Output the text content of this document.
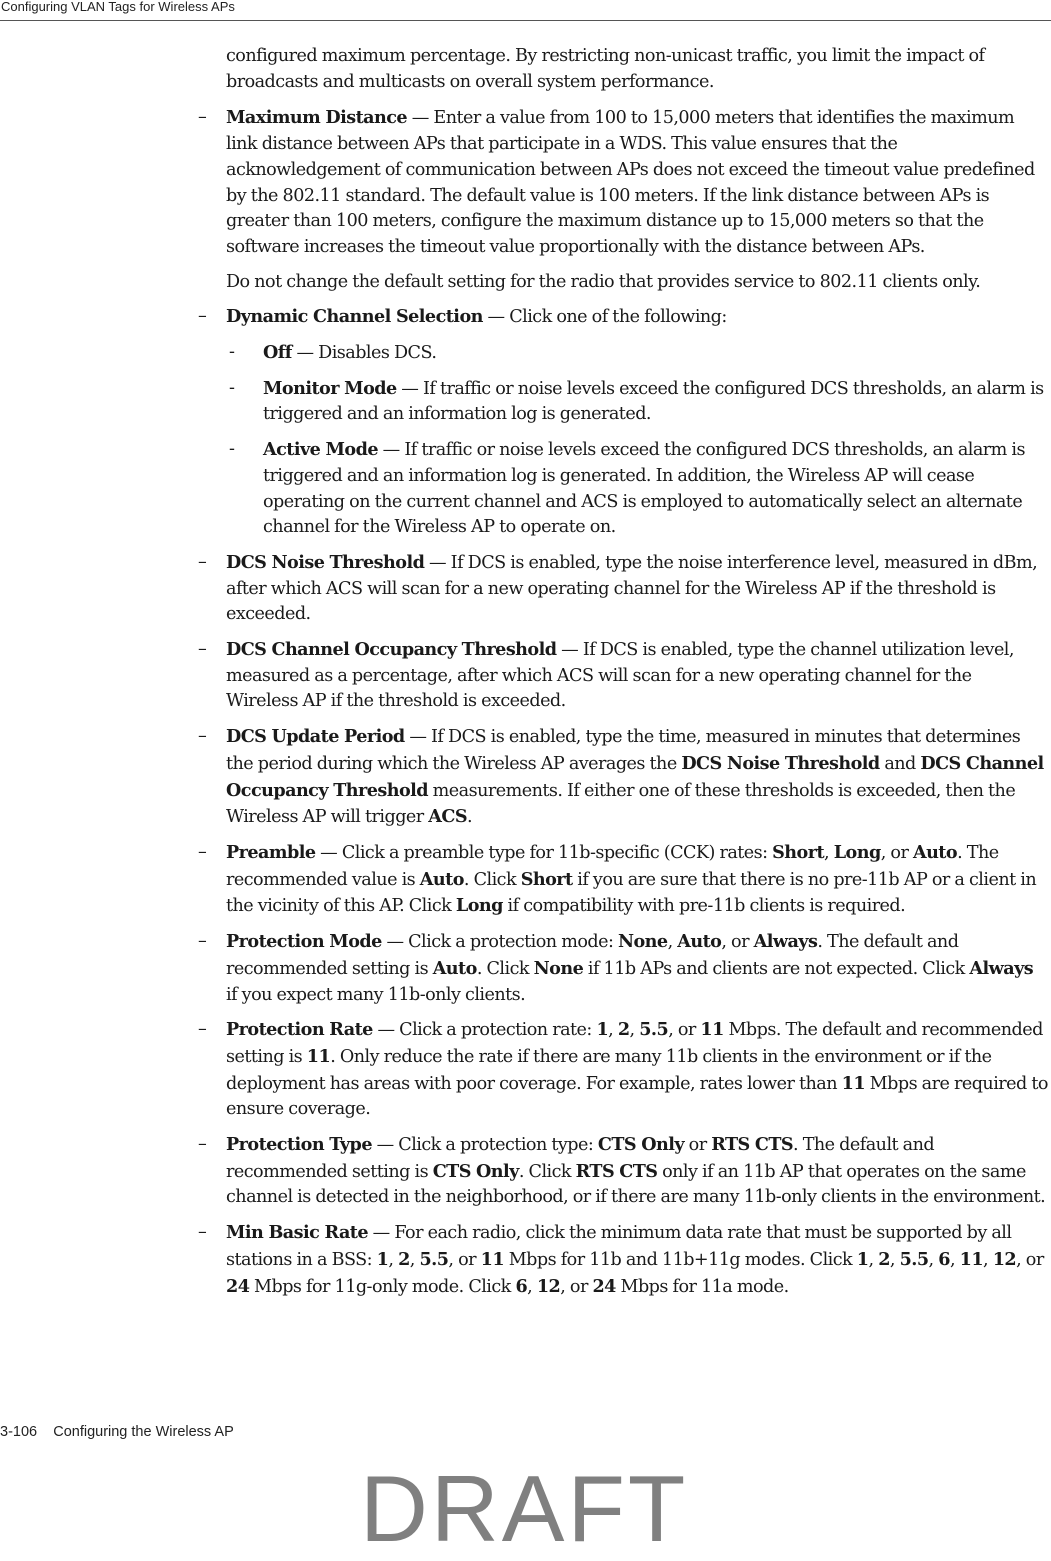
Configuring VLAN Tags for Wireless APs

configured maximum percentage. By restricting non-unicast traffic, you limit the impact of broadcasts and multicasts on overall system performance.

– Maximum Distance — Enter a value from 100 to 15,000 meters that identifies the maximum link distance between APs that participate in a WDS. This value ensures that the acknowledgement of communication between APs does not exceed the timeout value predefined by the 802.11 standard. The default value is 100 meters. If the link distance between APs is greater than 100 meters, configure the maximum distance up to 15,000 meters so that the software increases the timeout value proportionally with the distance between APs.

Do not change the default setting for the radio that provides service to 802.11 clients only.

– Dynamic Channel Selection — Click one of the following:

- Off — Disables DCS.
- Monitor Mode — If traffic or noise levels exceed the configured DCS thresholds, an alarm is triggered and an information log is generated.
- Active Mode — If traffic or noise levels exceed the configured DCS thresholds, an alarm is triggered and an information log is generated. In addition, the Wireless AP will cease operating on the current channel and ACS is employed to automatically select an alternate channel for the Wireless AP to operate on.
– DCS Noise Threshold — If DCS is enabled, type the noise interference level, measured in dBm, after which ACS will scan for a new operating channel for the Wireless AP if the threshold is exceeded.

– DCS Channel Occupancy Threshold — If DCS is enabled, type the channel utilization level, measured as a percentage, after which ACS will scan for a new operating channel for the Wireless AP if the threshold is exceeded.

– DCS Update Period — If DCS is enabled, type the time, measured in minutes that determines the period during which the Wireless AP averages the DCS Noise Threshold and DCS Channel Occupancy Threshold measurements. If either one of these thresholds is exceeded, then the Wireless AP will trigger ACS.

– Preamble — Click a preamble type for 11b-specific (CCK) rates: Short, Long, or Auto. The recommended value is Auto. Click Short if you are sure that there is no pre-11b AP or a client in the vicinity of this AP. Click Long if compatibility with pre-11b clients is required.

– Protection Mode — Click a protection mode: None, Auto, or Always. The default and recommended setting is Auto. Click None if 11b APs and clients are not expected. Click Always if you expect many 11b-only clients.

– Protection Rate — Click a protection rate: 1, 2, 5.5, or 11 Mbps. The default and recommended setting is 11. Only reduce the rate if there are many 11b clients in the environment or if the deployment has areas with poor coverage. For example, rates lower than 11 Mbps are required to ensure coverage.

– Protection Type — Click a protection type: CTS Only or RTS CTS. The default and recommended setting is CTS Only. Click RTS CTS only if an 11b AP that operates on the same channel is detected in the neighborhood, or if there are many 11b-only clients in the environment.

– Min Basic Rate — For each radio, click the minimum data rate that must be supported by all stations in a BSS: 1, 2, 5.5, or 11 Mbps for 11b and 11b+11g modes. Click 1, 2, 5.5, 6, 11, 12, or 24 Mbps for 11g-only mode. Click 6, 12, or 24 Mbps for 11a mode.

3-106 Configuring the Wireless AP
DRAFT
